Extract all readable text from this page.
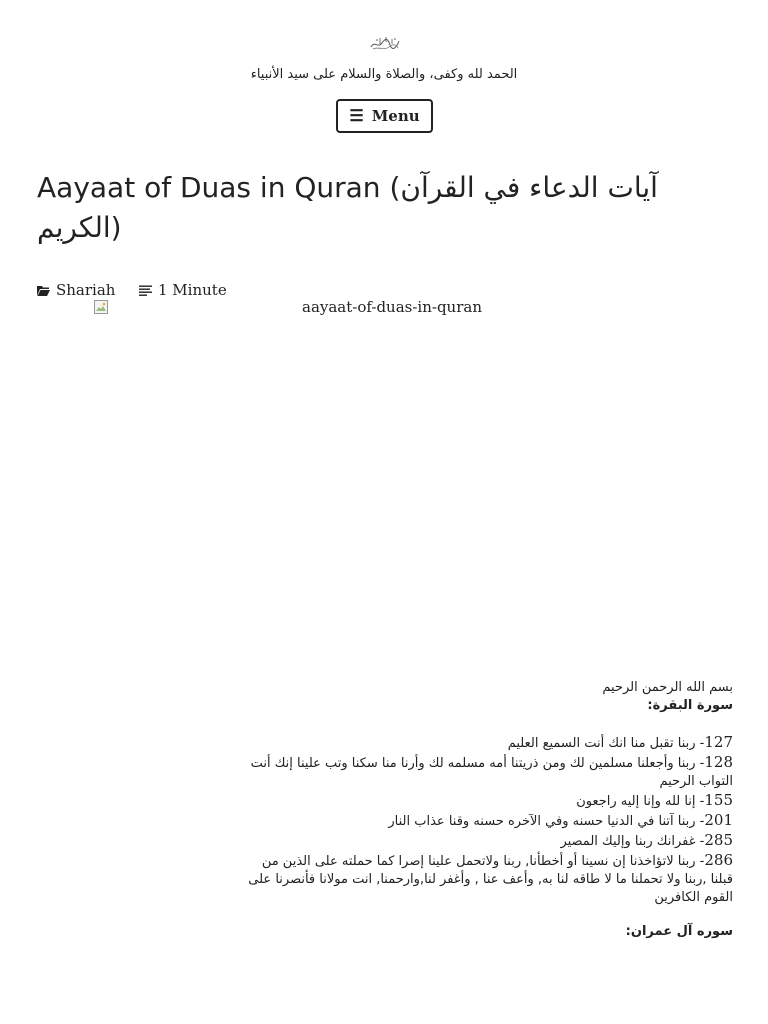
الحمد لله وكفى، والصلاة والسلام على سيد الأنبياء
☰ Menu
Aayaat of Duas in Quran (آيات الدعاء في القرآن الكريم)
Shariah	1 Minute
aayaat-of-duas-in-quran

بسم الله الرحمن الرحيم

سورة البقرة:

127- ربنا تقبل منا انك أنت السميع العليم

128- ربنا وأجعلنا مسلمين لك ومن ذريتنا أمه مسلمه لك وأرنا منا سكنا وتب علينا إنك أنت التواب الرحيم

155- إنا لله وإنا إليه راجعون

201- ربنا آتنا في الدنيا حسنه وفي الآخره حسنه وقنا عذاب النار

285- غفرانك ربنا وإليك المصير

286- ربنا لاتؤاخذنا إن نسينا أو أخطأنا, ربنا ولاتحمل علينا إصرا كما حملته على الذين من قبلنا ,ربنا ولا تحملنا ما لا طاقه لنا به, وأعف عنا , وأغفر لنا,وارحمنا, انت مولانا فأنصرنا على القوم الكافرين

سوره آل عمران:
